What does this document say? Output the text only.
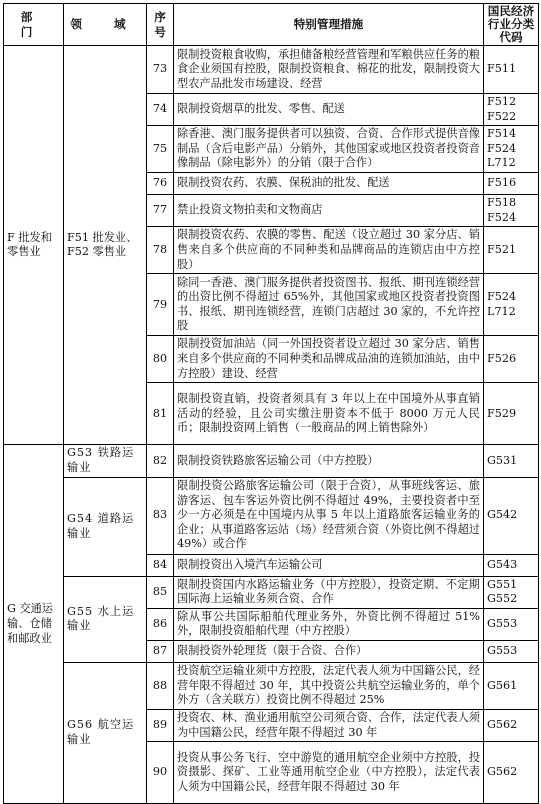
部 门	领 域	序号	特别管理措施	国民经济
行业分类
代码
F 批发和零售业	F51 批发业、F52 零售业	73	限制投资粮食收购，承担储备粮经营管理和军粮供应任务的粮食企业须国有控股，限制投资粮食、棉花的批发，限制投资大型农产品批发市场建设、经营	F511
		74	限制投资烟草的批发、零售、配送	F512
F522
		75	除香港、澳门服务提供者可以独资、合资、合作形式提供音像制品（含后电影产品）分销外，其他国家或地区投资者投资音像制品（除电影外）的分销（限于合作）	F514
F524
L712
		76	限制投资农药、农膜、保税油的批发、配送	F516
		77	禁止投资文物拍卖和文物商店	F518
F524
		78	限制投资农药、农膜的零售、配送（设立超过 30 家分店、销售来自多个供应商的不同种类和品牌商品的连锁店由中方控股）	F521
		79	除同一香港、澳门服务提供者投资图书、报纸、期刊连锁经营的出资比例不得超过 65%外，其他国家或地区投资者投资图书、报纸、期刊连锁经营，连锁门店超过 30 家的，不允许控股	F524
L712
		80	限制投资加油站（同一外国投资者设立超过 30 家分店、销售来自多个供应商的不同种类和品牌成品油的连锁加油站，由中方控股）建设、经营	F526
		81	限制投资直销，投资者须具有 3 年以上在中国境外从事直销活动的经验，且公司实缴注册资本不低于 8000 万元人民币；限制投资网上销售（一般商品的网上销售除外）	F529
G 交通运输、仓储和邮政业	G53 铁路运输业	82	限制投资铁路旅客运输公司（中方控股）	G531
	G54 道路运输业	83	限制投资公路旅客运输公司（限于合资），从事班线客运、旅游客运、包车客运外资比例不得超过 49%，主要投资者中至少一方必须是在中国境内从事 5 年以上道路旅客运输业务的企业；从事道路客运站（场）经营须合资（外资比例不得超过 49%）或合作	G542
		84	限制投资出入境汽车运输公司	G543
	G55 水上运输业	85	限制投资国内水路运输业务（中方控股），投资定期、不定期国际海上运输业务须合资、合作	G551
G552
		86	除从事公共国际船舶代理业务外，外资比例不得超过 51%外，限制投资船舶代理（中方控股）	G553
		87	限制投资外轮理货（限于合资、合作）	G553
	G56 航空运输业	88	投资航空运输业须中方控股，法定代表人须为中国籍公民，经营年限不得超过 30 年，其中投资公共航空运输业务的，单个外方（含关联方）投资比例不得超过 25%	G561
		89	投资农、林、渔业通用航空公司须合资、合作，法定代表人须为中国籍公民，经营年限不得超过 30 年	G562
		90	投资从事公务飞行、空中游览的通用航空企业须中方控股，投资摄影、探矿、工业等通用航空企业（中方控股），法定代表人须为中国籍公民，经营年限不得超过 30 年	G562
